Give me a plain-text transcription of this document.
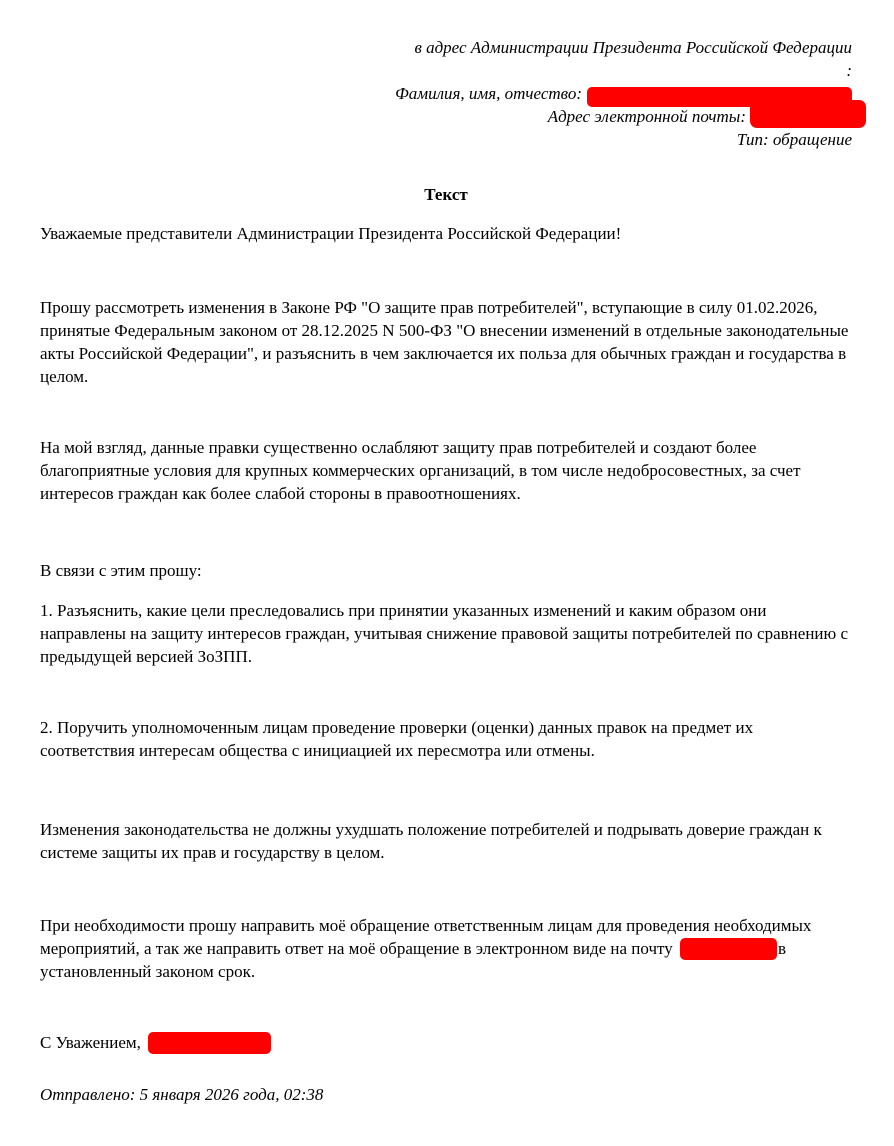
в адрес Администрации Президента Российской Федерации
:
Фамилия, имя, отчество:
Адрес электронной почты:
Тип: обращение
Текст

Уважаемые представители Администрации Президента Российской Федерации!

Прошу рассмотреть изменения в Законе РФ "О защите прав потребителей", вступающие в силу 01.02.2026, принятые Федеральным законом от 28.12.2025 N 500-ФЗ "О внесении изменений в отдельные законодательные акты Российской Федерации", и разъяснить в чем заключается их польза для обычных граждан и государства в целом.

На мой взгляд, данные правки существенно ослабляют защиту прав потребителей и создают более благоприятные условия для крупных коммерческих организаций, в том числе недобросовестных, за счет интересов граждан как более слабой стороны в правоотношениях.

В связи с этим прошу:

1. Разъяснить, какие цели преследовались при принятии указанных изменений и каким образом они направлены на защиту интересов граждан, учитывая снижение правовой защиты потребителей по сравнению с предыдущей версией ЗоЗПП.

2. Поручить уполномоченным лицам проведение проверки (оценки) данных правок на предмет их соответствия интересам общества с инициацией их пересмотра или отмены.

Изменения законодательства не должны ухудшать положение потребителей и подрывать доверие граждан к системе защиты их прав и государству в целом.

При необходимости прошу направить моё обращение ответственным лицам для проведения необходимых мероприятий, а так же направить ответ на моё обращение в электронном виде на почту	в установленный законом срок.

С Уважением,

Отправлено: 5 января 2026 года, 02:38
